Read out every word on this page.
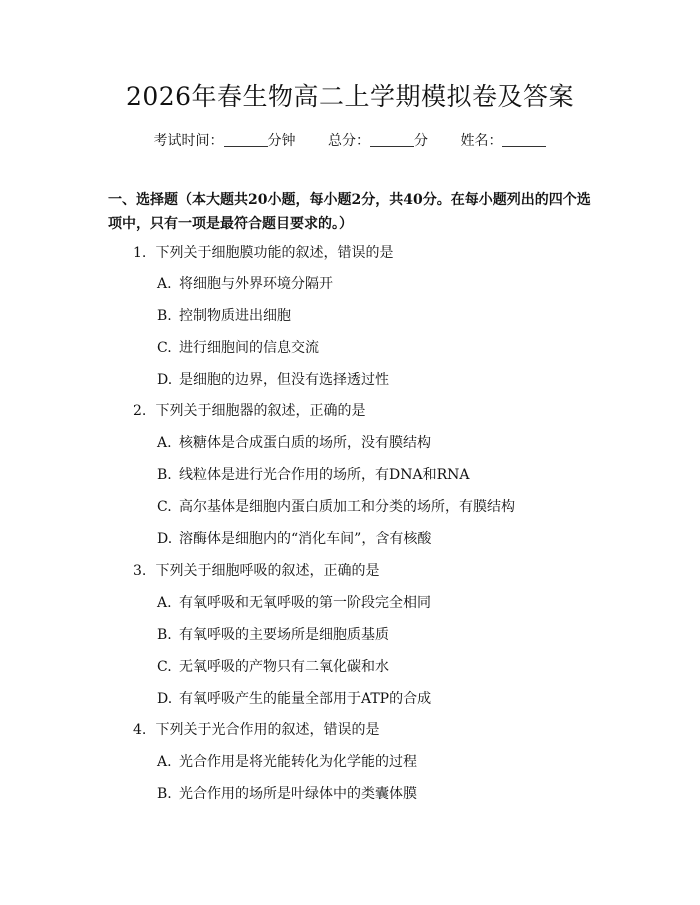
2026年春生物高二上学期模拟卷及答案
考试时间：	分钟 总分：	分 姓名：
一、选择题（本大题共20小题，每小题2分，共40分。在每小题列出的四个选项中，只有一项是最符合题目要求的。）
1. 下列关于细胞膜功能的叙述，错误的是
A. 将细胞与外界环境分隔开
B. 控制物质进出细胞
C. 进行细胞间的信息交流
D. 是细胞的边界，但没有选择透过性
2. 下列关于细胞器的叙述，正确的是
A. 核糖体是合成蛋白质的场所，没有膜结构
B. 线粒体是进行光合作用的场所，有DNA和RNA
C. 高尔基体是细胞内蛋白质加工和分类的场所，有膜结构
D. 溶酶体是细胞内的“消化车间”，含有核酸
3. 下列关于细胞呼吸的叙述，正确的是
A. 有氧呼吸和无氧呼吸的第一阶段完全相同
B. 有氧呼吸的主要场所是细胞质基质
C. 无氧呼吸的产物只有二氧化碳和水
D. 有氧呼吸产生的能量全部用于ATP的合成
4. 下列关于光合作用的叙述，错误的是
A. 光合作用是将光能转化为化学能的过程
B. 光合作用的场所是叶绿体中的类囊体膜
